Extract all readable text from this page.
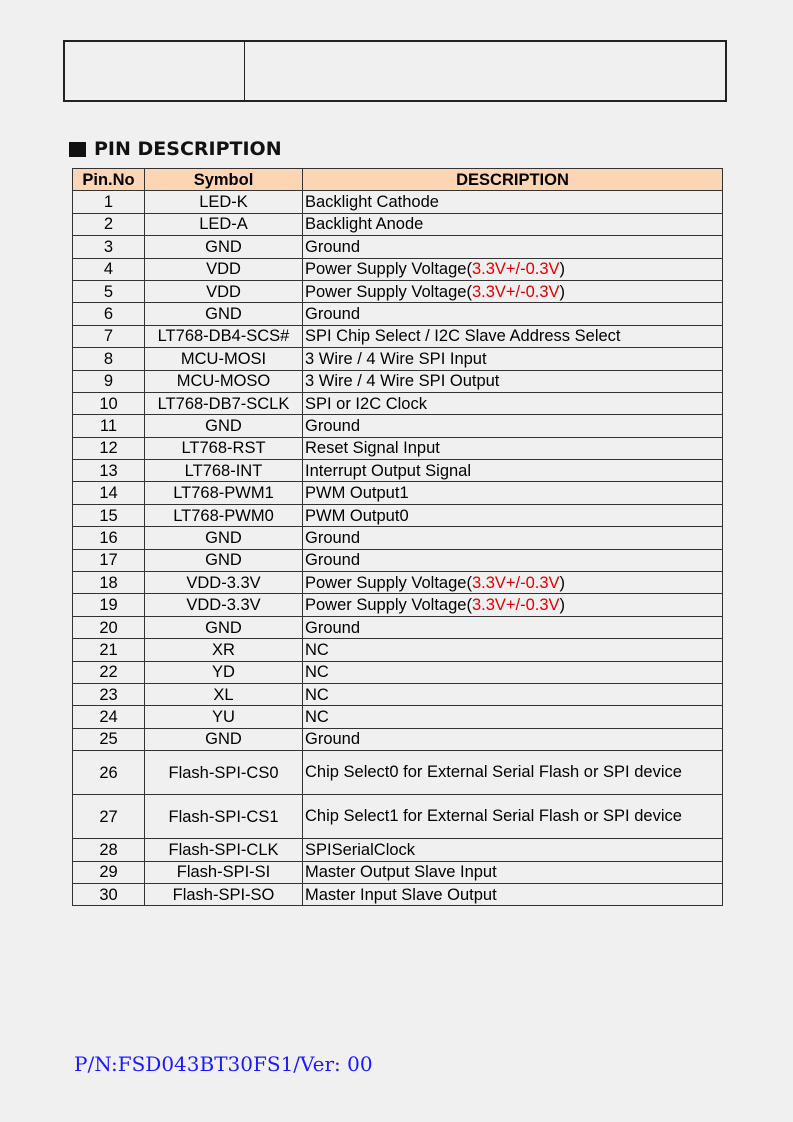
PIN DESCRIPTION
Pin.No	Symbol	DESCRIPTION
1	LED-K	Backlight Cathode
2	LED-A	Backlight Anode
3	GND	Ground
4	VDD	Power Supply Voltage(3.3V+/-0.3V)
5	VDD	Power Supply Voltage(3.3V+/-0.3V)
6	GND	Ground
7	LT768-DB4-SCS#	SPI Chip Select / I2C Slave Address Select
8	MCU-MOSI	3 Wire / 4 Wire SPI Input
9	MCU-MOSO	3 Wire / 4 Wire SPI Output
10	LT768-DB7-SCLK	SPI or I2C Clock
11	GND	Ground
12	LT768-RST	Reset Signal Input
13	LT768-INT	Interrupt Output Signal
14	LT768-PWM1	PWM Output1
15	LT768-PWM0	PWM Output0
16	GND	Ground
17	GND	Ground
18	VDD-3.3V	Power Supply Voltage(3.3V+/-0.3V)
19	VDD-3.3V	Power Supply Voltage(3.3V+/-0.3V)
20	GND	Ground
21	XR	NC
22	YD	NC
23	XL	NC
24	YU	NC
25	GND	Ground
26	Flash-SPI-CS0	Chip Select0 for External Serial Flash or SPI device
27	Flash-SPI-CS1	Chip Select1 for External Serial Flash or SPI device
28	Flash-SPI-CLK	SPISerialClock
29	Flash-SPI-SI	Master Output Slave Input
30	Flash-SPI-SO	Master Input Slave Output
P/N:FSD043BT30FS1/Ver: 00
